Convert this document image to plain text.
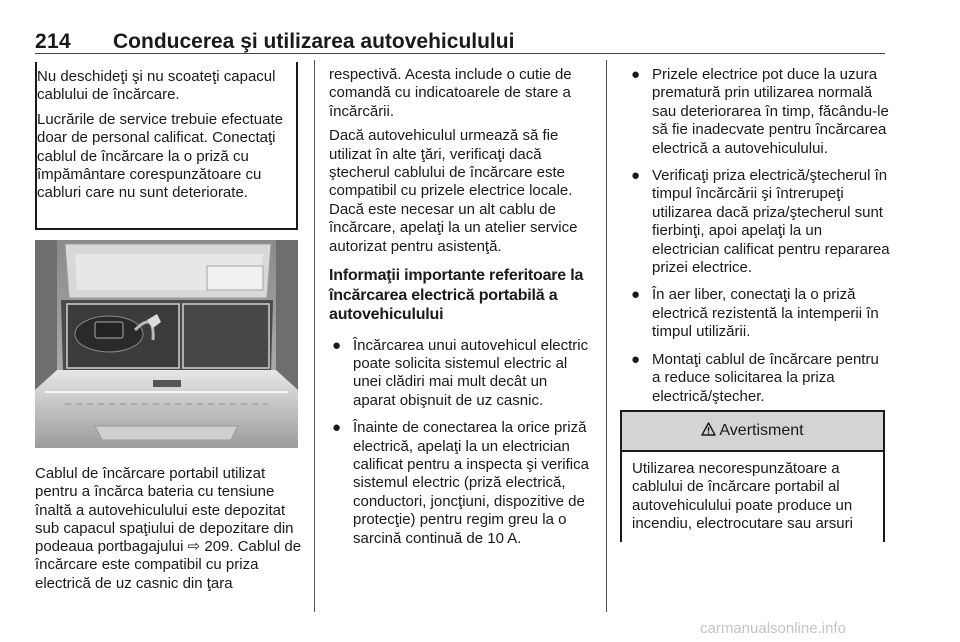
214 Conducerea şi utilizarea autovehiculului

Nu deschideţi şi nu scoateţi capacul cablului de încărcare.

Lucrările de service trebuie efectuate doar de personal calificat. Conectaţi cablul de încărcare la o priză cu împământare corespunzătoare cu cabluri care nu sunt deteriorate.

Cablul de încărcare portabil utilizat pentru a încărca bateria cu tensiune înaltă a autovehiculului este depozitat sub capacul spaţiului de depozitare din podeaua portbagajului ⇨ 209. Cablul de încărcare este compatibil cu priza electrică de uz casnic din ţara

respectivă. Acesta include o cutie de comandă cu indicatoarele de stare a încărcării.

Dacă autovehiculul urmează să fie utilizat în alte ţări, verificaţi dacă ştecherul cablului de încărcare este compatibil cu prizele electrice locale. Dacă este necesar un alt cablu de încărcare, apelaţi la un atelier service autorizat pentru asistenţă.

Informaţii importante referitoare la încărcarea electrică portabilă a autovehiculului
● Încărcarea unui autovehicul electric poate solicita sistemul electric al unei clădiri mai mult decât un aparat obişnuit de uz casnic.
● Înainte de conectarea la orice priză electrică, apelaţi la un electrician calificat pentru a inspecta şi verifica sistemul electric (priză electrică, conductori, joncţiuni, dispozitive de protecţie) pentru regim greu la o sarcină continuă de 10 A.
● Prizele electrice pot duce la uzura prematură prin utilizarea normală sau deteriorarea în timp, făcându-le să fie inadecvate pentru încărcarea electrică a autovehiculului.
● Verificaţi priza electrică/ştecherul în timpul încărcării şi întrerupeţi utilizarea dacă priza/ştecherul sunt fierbinţi, apoi apelaţi la un electrician calificat pentru repararea prizei electrice.
● În aer liber, conectaţi la o priză electrică rezistentă la intemperii în timpul utilizării.
● Montaţi cablul de încărcare pentru a reduce solicitarea la priza electrică/ştecher.
Avertisment
Utilizarea necorespunzătoare a cablului de încărcare portabil al autovehiculului poate produce un incendiu, electrocutare sau arsuri
carmanualsonline.info
